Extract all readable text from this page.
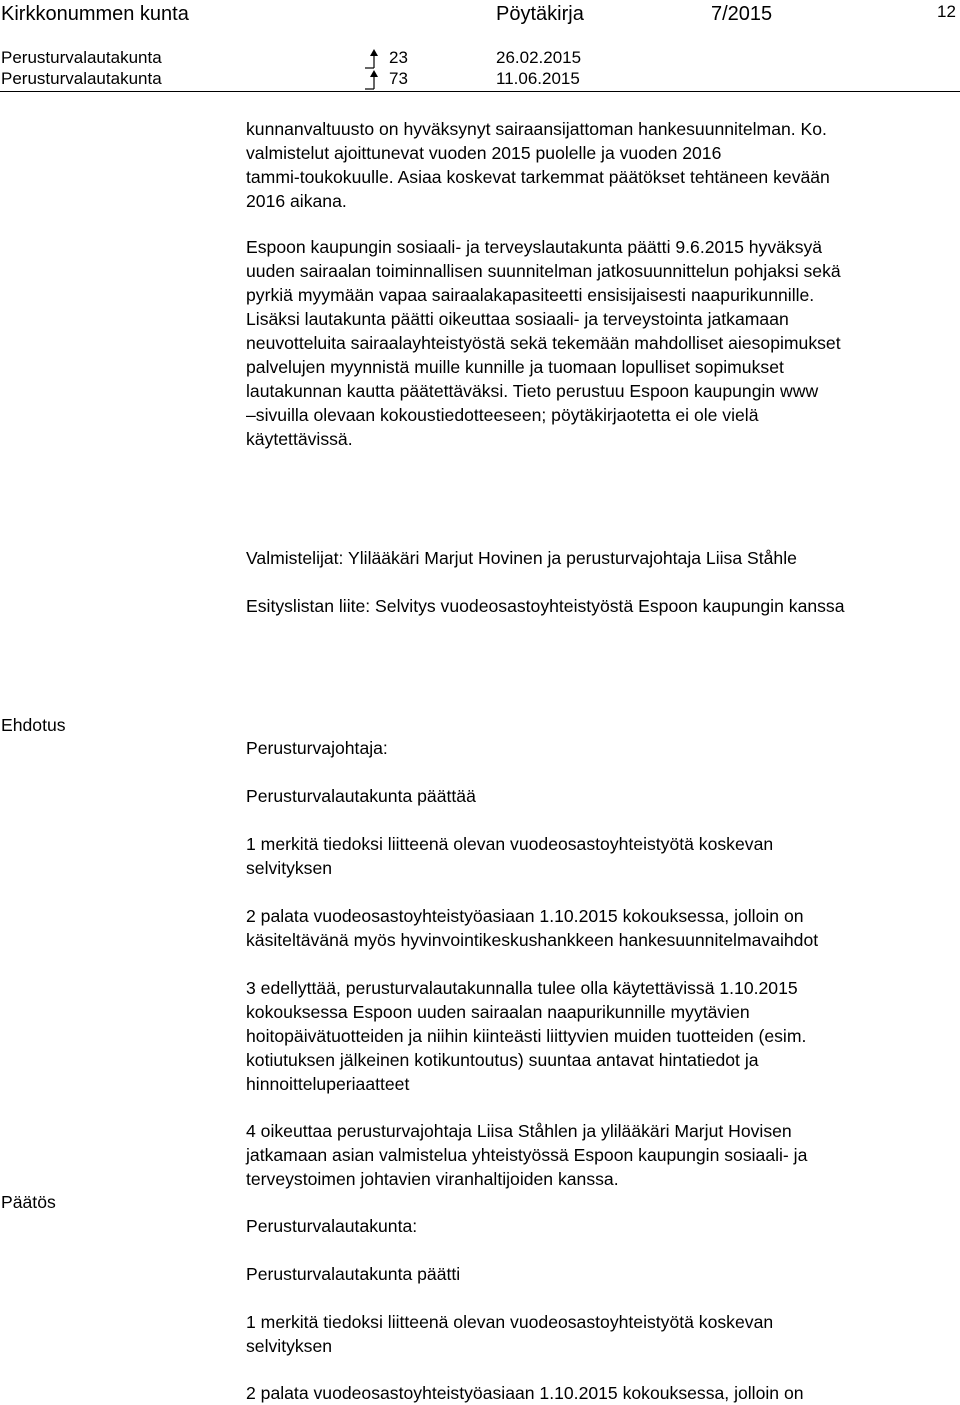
Kirkkonummen kunta	Pöytäkirja	7/2015	12
Perusturvalautakunta	23	26.02.2015
Perusturvalautakunta	73	11.06.2015

kunnanvaltuusto on hyväksynyt sairaansijattoman hankesuunnitelman. Ko.

valmistelut ajoittunevat vuoden 2015 puolelle ja vuoden 2016

tammi-toukokuulle. Asiaa koskevat tarkemmat päätökset tehtäneen kevään

2016 aikana.

Espoon kaupungin sosiaali- ja terveyslautakunta päätti 9.6.2015 hyväksyä

uuden sairaalan toiminnallisen suunnitelman jatkosuunnittelun pohjaksi sekä

pyrkiä myymään vapaa sairaalakapasiteetti ensisijaisesti naapurikunnille.

Lisäksi lautakunta päätti oikeuttaa sosiaali- ja terveystointa jatkamaan

neuvotteluita sairaalayhteistyöstä sekä tekemään mahdolliset aiesopimukset

palvelujen myynnistä muille kunnille ja tuomaan lopulliset sopimukset

lautakunnan kautta päätettäväksi. Tieto perustuu Espoon kaupungin www

–sivuilla olevaan kokoustiedotteeseen; pöytäkirjaotetta ei ole vielä

käytettävissä.

Valmistelijat: Ylilääkäri Marjut Hovinen ja perusturvajohtaja Liisa Ståhle

Esityslistan liite: Selvitys vuodeosastoyhteistyöstä Espoon kaupungin kanssa

Ehdotus
Päätös

Perusturvajohtaja:

Perusturvalautakunta päättää

1 merkitä tiedoksi liitteenä olevan vuodeosastoyhteistyötä koskevan

selvityksen

2 palata vuodeosastoyhteistyöasiaan 1.10.2015 kokouksessa, jolloin on

käsiteltävänä myös hyvinvointikeskushankkeen hankesuunnitelmavaihdot

3 edellyttää, perusturvalautakunnalla tulee olla käytettävissä 1.10.2015

kokouksessa Espoon uuden sairaalan naapurikunnille myytävien

hoitopäivätuotteiden ja niihin kiinteästi liittyvien muiden tuotteiden (esim.

kotiutuksen jälkeinen kotikuntoutus) suuntaa antavat hintatiedot ja

hinnoitteluperiaatteet

4 oikeuttaa perusturvajohtaja Liisa Ståhlen ja ylilääkäri Marjut Hovisen

jatkamaan asian valmistelua yhteistyössä Espoon kaupungin sosiaali- ja

terveystoimen johtavien viranhaltijoiden kanssa.

Perusturvalautakunta:

Perusturvalautakunta päätti

1 merkitä tiedoksi liitteenä olevan vuodeosastoyhteistyötä koskevan

selvityksen

2 palata vuodeosastoyhteistyöasiaan 1.10.2015 kokouksessa, jolloin on
